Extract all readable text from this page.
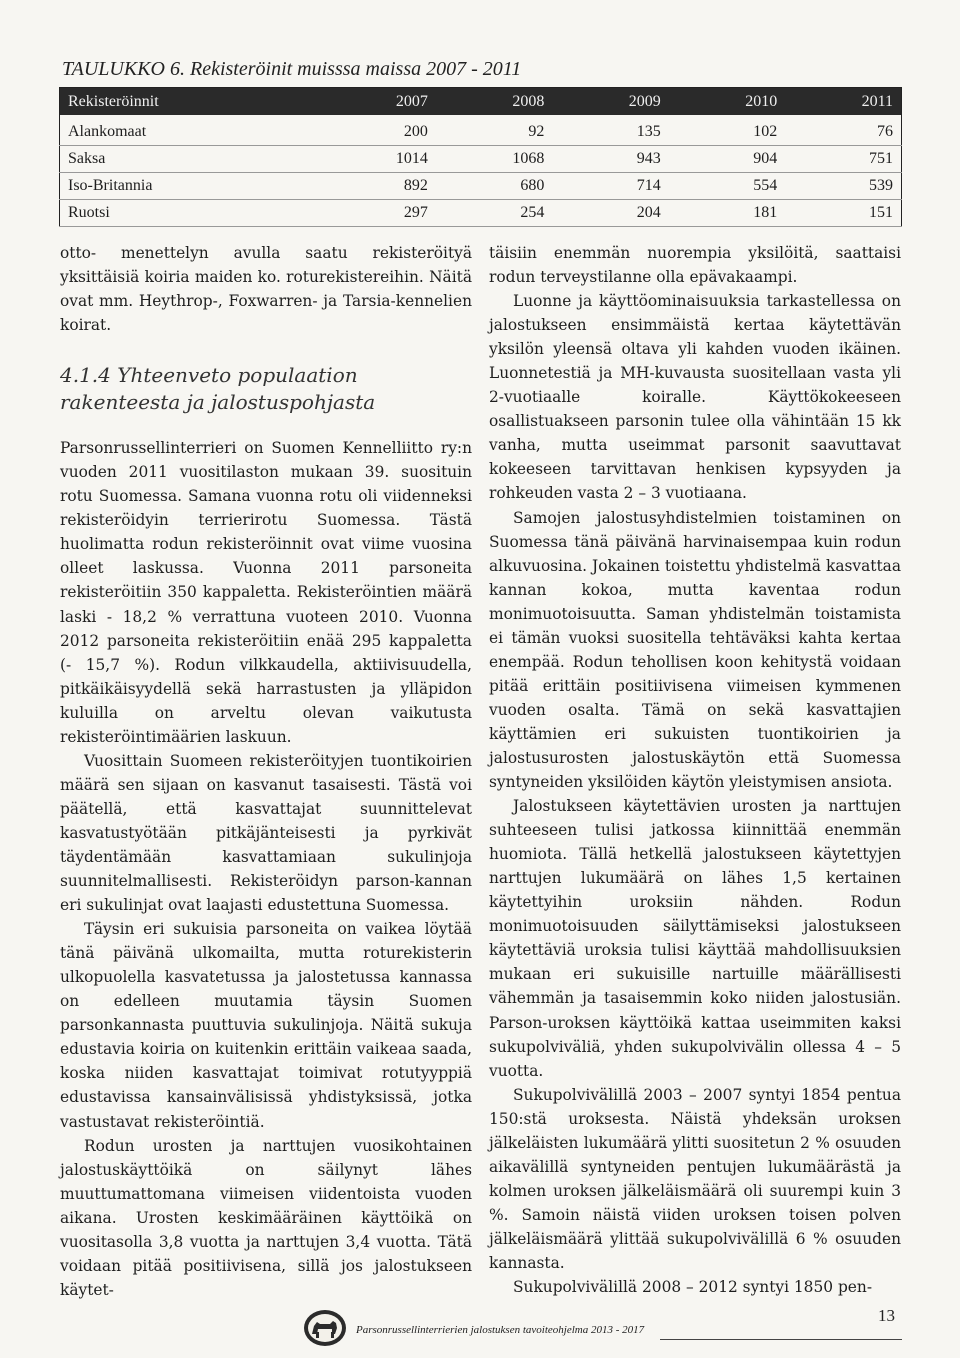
TAULUKKO 6. Rekisteröinit muisssa maissa 2007 - 2011
Rekisteröinnit	2007	2008	2009	2010	2011
Alankomaat	200	92	135	102	76
Saksa	1014	1068	943	904	751
Iso-Britannia	892	680	714	554	539
Ruotsi	297	254	204	181	151

otto- menettelyn avulla saatu rekisteröityä yksittäisiä koiria maiden ko. roturekistereihin. Näitä ovat mm. Heythrop-, Foxwarren- ja Tarsia-kennelien koirat.

4.1.4 Yhteenveto populaation rakenteesta ja jalostuspohjasta

Parsonrussellinterrieri on Suomen Kennelliitto ry:n vuoden 2011 vuositilaston mukaan 39. suosituin rotu Suomessa. Samana vuonna rotu oli viidenneksi rekisteröidyin terrierirotu Suomessa. Tästä huolimatta rodun rekisteröinnit ovat viime vuosina olleet laskussa. Vuonna 2011 parsoneita rekisteröitiin 350 kappaletta. Rekisteröintien määrä laski - 18,2 % verrattuna vuoteen 2010. Vuonna 2012 parsoneita rekisteröitiin enää 295 kappaletta (- 15,7 %). Rodun vilkkaudella, aktiivisuudella, pitkäikäisyydellä sekä harrastusten ja ylläpidon kuluilla on arveltu olevan vaikutusta rekisteröintimäärien laskuun.

Vuosittain Suomeen rekisteröityjen tuontikoirien määrä sen sijaan on kasvanut tasaisesti. Tästä voi päätellä, että kasvattajat suunnittelevat kasvatustyötään pitkäjänteisesti ja pyrkivät täydentämään kasvattamiaan sukulinjoja suunnitelmallisesti. Rekisteröidyn parson-kannan eri sukulinjat ovat laajasti edustettuna Suomessa.

Täysin eri sukuisia parsoneita on vaikea löytää tänä päivänä ulkomailta, mutta roturekisterin ulkopuolella kasvatetussa ja jalostetussa kannassa on edelleen muutamia täysin Suomen parsonkannasta puuttuvia sukulinjoja. Näitä sukuja edustavia koiria on kuitenkin erittäin vaikeaa saada, koska niiden kasvattajat toimivat rotutyyppiä edustavissa kansainvälisissä yhdistyksissä, jotka vastustavat rekisteröintiä.

Rodun urosten ja narttujen vuosikohtainen jalostuskäyttöikä on säilynyt lähes muuttumattomana viimeisen viidentoista vuoden aikana. Urosten keskimääräinen käyttöikä on vuositasolla 3,8 vuotta ja narttujen 3,4 vuotta. Tätä voidaan pitää positiivisena, sillä jos jalostukseen käytet-

täisiin enemmän nuorempia yksilöitä, saattaisi rodun terveystilanne olla epävakaampi.

Luonne ja käyttöominaisuuksia tarkastellessa on jalostukseen ensimmäistä kertaa käytettävän yksilön yleensä oltava yli kahden vuoden ikäinen. Luonnetestiä ja MH-kuvausta suositellaan vasta yli 2-vuotiaalle koiralle. Käyttökokeeseen osallistuakseen parsonin tulee olla vähintään 15 kk vanha, mutta useimmat parsonit saavuttavat kokeeseen tarvittavan henkisen kypsyyden ja rohkeuden vasta 2 – 3 vuotiaana.

Samojen jalostusyhdistelmien toistaminen on Suomessa tänä päivänä harvinaisempaa kuin rodun alkuvuosina. Jokainen toistettu yhdistelmä kasvattaa kannan kokoa, mutta kaventaa rodun monimuotoisuutta. Saman yhdistelmän toistamista ei tämän vuoksi suositella tehtäväksi kahta kertaa enempää. Rodun tehollisen koon kehitystä voidaan pitää erittäin positiivisena viimeisen kymmenen vuoden osalta. Tämä on sekä kasvattajien käyttämien eri sukuisten tuontikoirien ja jalostusurosten jalostuskäytön että Suomessa syntyneiden yksilöiden käytön yleistymisen ansiota.

Jalostukseen käytettävien urosten ja narttujen suhteeseen tulisi jatkossa kiinnittää enemmän huomiota. Tällä hetkellä jalostukseen käytettyjen narttujen lukumäärä on lähes 1,5 kertainen käytettyihin uroksiin nähden. Rodun monimuotoisuuden säilyttämiseksi jalostukseen käytettäviä uroksia tulisi käyttää mahdollisuuksien mukaan eri sukuisille nartuille määrällisesti vähemmän ja tasaisemmin koko niiden jalostusiän. Parson-uroksen käyttöikä kattaa useimmiten kaksi sukupolviväliä, yhden sukupolvivälin ollessa 4 – 5 vuotta.

Sukupolvivälillä 2003 – 2007 syntyi 1854 pentua 150:stä uroksesta. Näistä yhdeksän uroksen jälkeläisten lukumäärä ylitti suositetun 2 % osuuden aikavälillä syntyneiden pentujen lukumäärästä ja kolmen uroksen jälkeläismäärä oli suurempi kuin 3 %. Samoin näistä viiden uroksen toisen polven jälkeläismäärä ylittää sukupolvivälillä 6 % osuuden kannasta.

Sukupolvivälillä 2008 – 2012 syntyi 1850 pen-

Parsonrussellinterrierien jalostuksen tavoiteohjelma 2013 - 2017
13
